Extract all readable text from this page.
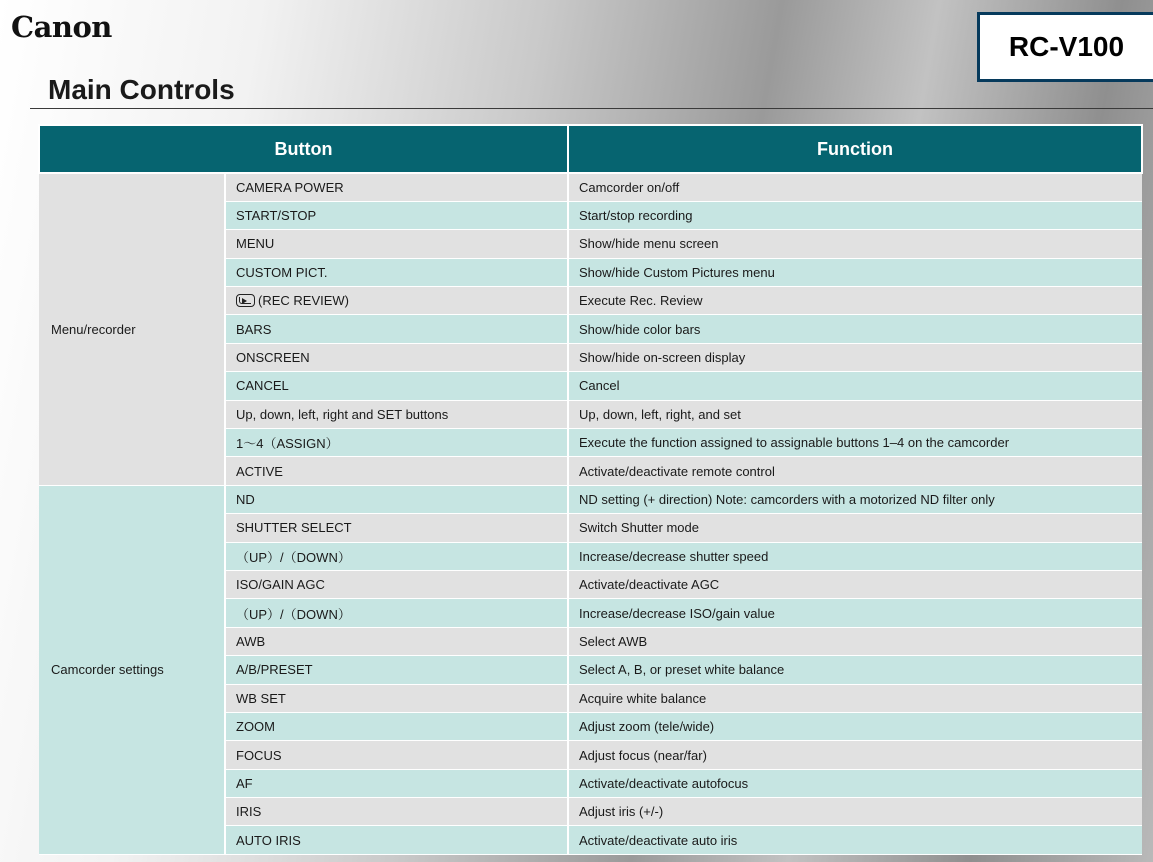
Canon
RC-V100
Main Controls
Button		Function
Menu/recorder	CAMERA POWER	Camcorder on/off
	START/STOP	Start/stop recording
	MENU	Show/hide menu screen
	CUSTOM PICT.	Show/hide Custom Pictures menu
	(REC REVIEW)	Execute Rec. Review
	BARS	Show/hide color bars
	ONSCREEN	Show/hide on-screen display
	CANCEL	Cancel
	Up, down, left, right and SET buttons	Up, down, left, right, and set
	1～4（ASSIGN）	Execute the function assigned to assignable buttons 1–4 on the camcorder
	ACTIVE	Activate/deactivate remote control
Camcorder settings	ND	ND setting (+ direction) Note: camcorders with a motorized ND filter only
	SHUTTER SELECT	Switch Shutter mode
	（UP）/（DOWN）	Increase/decrease shutter speed
	ISO/GAIN AGC	Activate/deactivate AGC
	（UP）/（DOWN）	Increase/decrease ISO/gain value
	AWB	Select AWB
	A/B/PRESET	Select A, B, or preset white balance
	WB SET	Acquire white balance
	ZOOM	Adjust zoom (tele/wide)
	FOCUS	Adjust focus (near/far)
	AF	Activate/deactivate autofocus
	IRIS	Adjust iris (+/-)
	AUTO IRIS	Activate/deactivate auto iris
